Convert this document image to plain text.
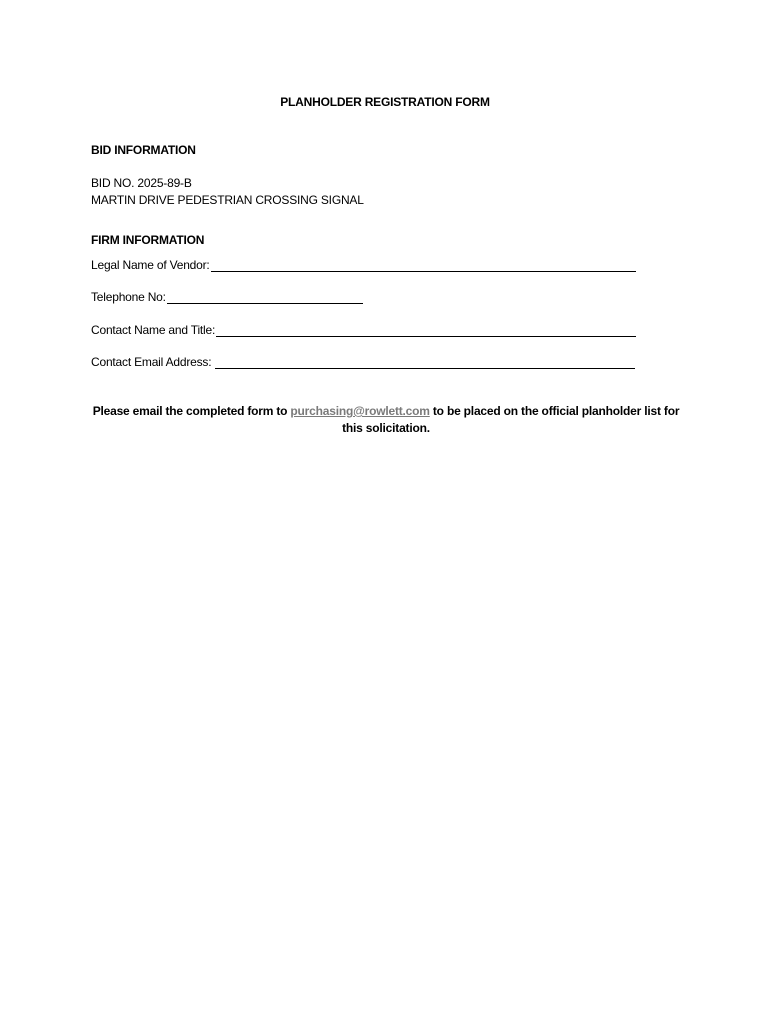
PLANHOLDER REGISTRATION FORM
BID INFORMATION
BID NO. 2025-89-B
MARTIN DRIVE PEDESTRIAN CROSSING SIGNAL
FIRM INFORMATION
Legal Name of Vendor:
Telephone No:
Contact Name and Title:
Contact Email Address:
Please email the completed form to purchasing@rowlett.com to be placed on the official planholder list for this solicitation.
